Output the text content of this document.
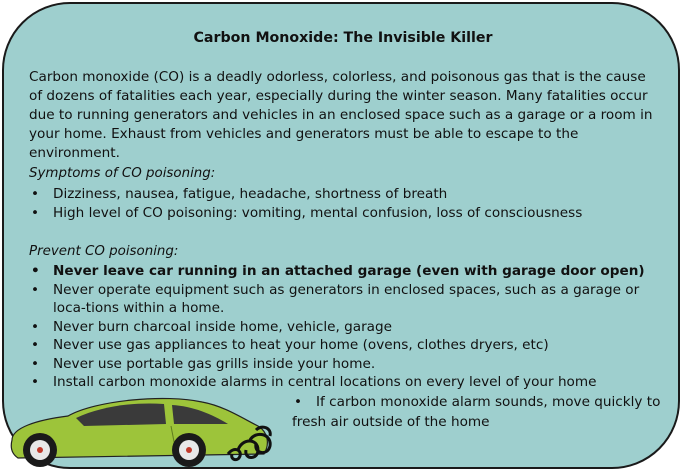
Carbon Monoxide: The Invisible Killer
Carbon monoxide (CO) is a deadly odorless, colorless, and poisonous gas that is the cause of dozens of fatalities each year, especially during the winter season. Many fatalities occur due to running generators and vehicles in an enclosed space such as a garage or a room in your home. Exhaust from vehicles and generators must be able to escape to the environment.
Symptoms of CO poisoning:
• Dizziness, nausea, fatigue, headache, shortness of breath
• High level of CO poisoning: vomiting, mental confusion, loss of consciousness
Prevent CO poisoning:
• Never leave car running in an attached garage (even with garage door open)
• Never operate equipment such as generators in enclosed spaces, such as a garage or loca-tions within a home.
• Never burn charcoal inside home, vehicle, garage
• Never use gas appliances to heat your home (ovens, clothes dryers, etc)
• Never use portable gas grills inside your home.
• Install carbon monoxide alarms in central locations on every level of your home
• If carbon monoxide alarm sounds, move quickly to fresh air outside of the home
